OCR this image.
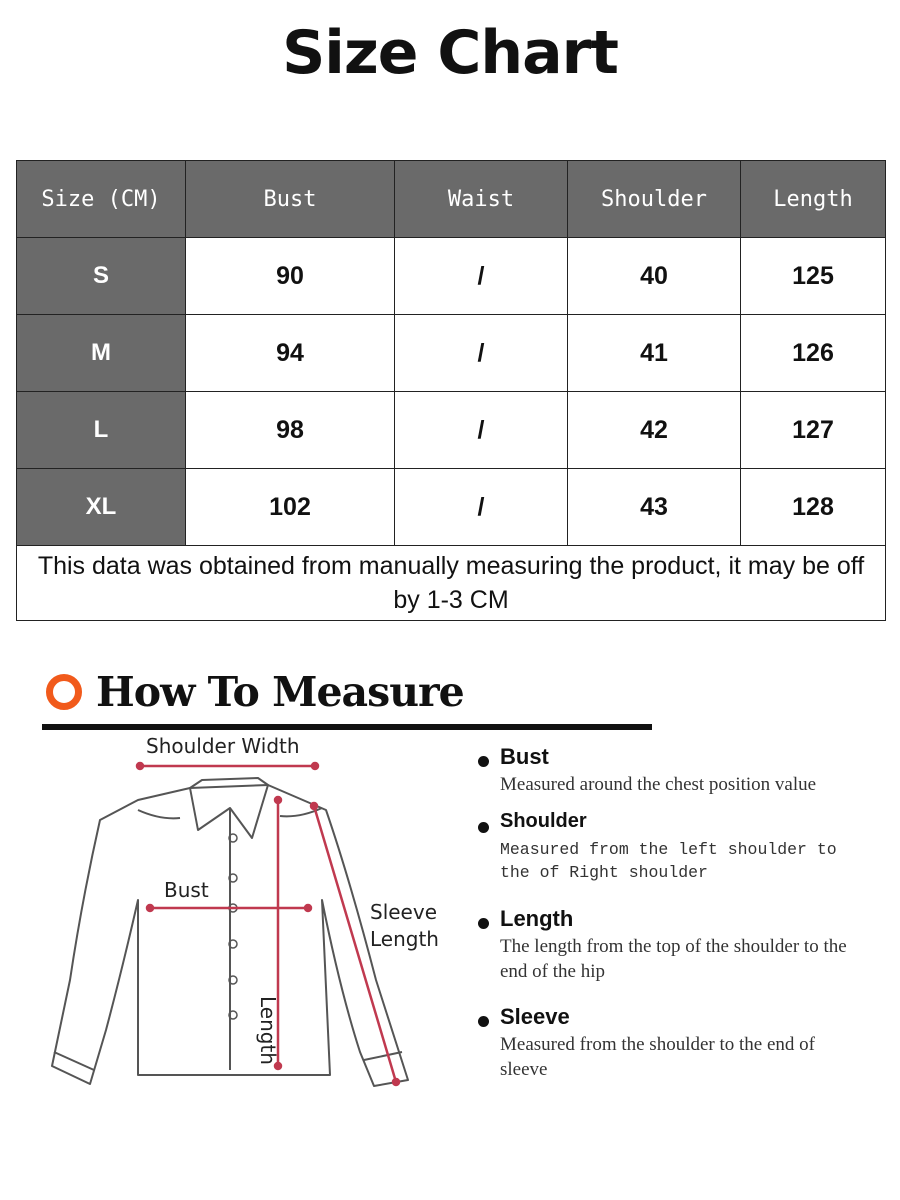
Size Chart
Size (CM)	Bust	Waist	Shoulder	Length
S	90	/	40	125
M	94	/	41	126
L	98	/	42	127
XL	102	/	43	128
This data was obtained from manually measuring the product, it may be off by 1-3 CM				
How To Measure
Shoulder Width
Bust
Length
Sleeve
Length
Bust
Measured around the chest position value
Shoulder
Measured from the left shoulder to the of Right shoulder
Length
The length from the top of the shoulder to the end of the hip
Sleeve
Measured from the shoulder to the end of sleeve
